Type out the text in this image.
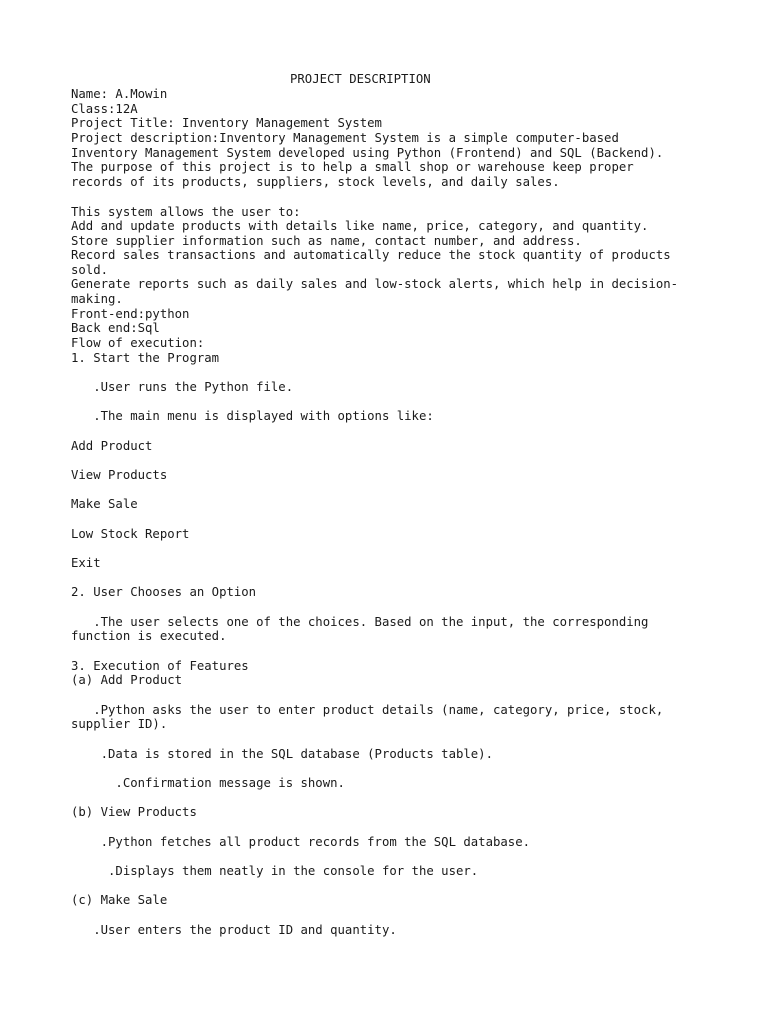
PROJECT DESCRIPTION
Name: A.Mowin
Class:12A
Project Title: Inventory Management System
Project description:Inventory Management System is a simple computer-based
Inventory Management System developed using Python (Frontend) and SQL (Backend).
The purpose of this project is to help a small shop or warehouse keep proper
records of its products, suppliers, stock levels, and daily sales.
This system allows the user to:
Add and update products with details like name, price, category, and quantity.
Store supplier information such as name, contact number, and address.
Record sales transactions and automatically reduce the stock quantity of products
sold.
Generate reports such as daily sales and low-stock alerts, which help in decision-
making.
Front-end:python
Back end:Sql
Flow of execution:
1. Start the Program
.User runs the Python file.
.The main menu is displayed with options like:
Add Product
View Products
Make Sale
Low Stock Report
Exit
2. User Chooses an Option
.The user selects one of the choices. Based on the input, the corresponding
function is executed.
3. Execution of Features
(a) Add Product
.Python asks the user to enter product details (name, category, price, stock,
supplier ID).
.Data is stored in the SQL database (Products table).
.Confirmation message is shown.
(b) View Products
.Python fetches all product records from the SQL database.
.Displays them neatly in the console for the user.
(c) Make Sale
.User enters the product ID and quantity.
